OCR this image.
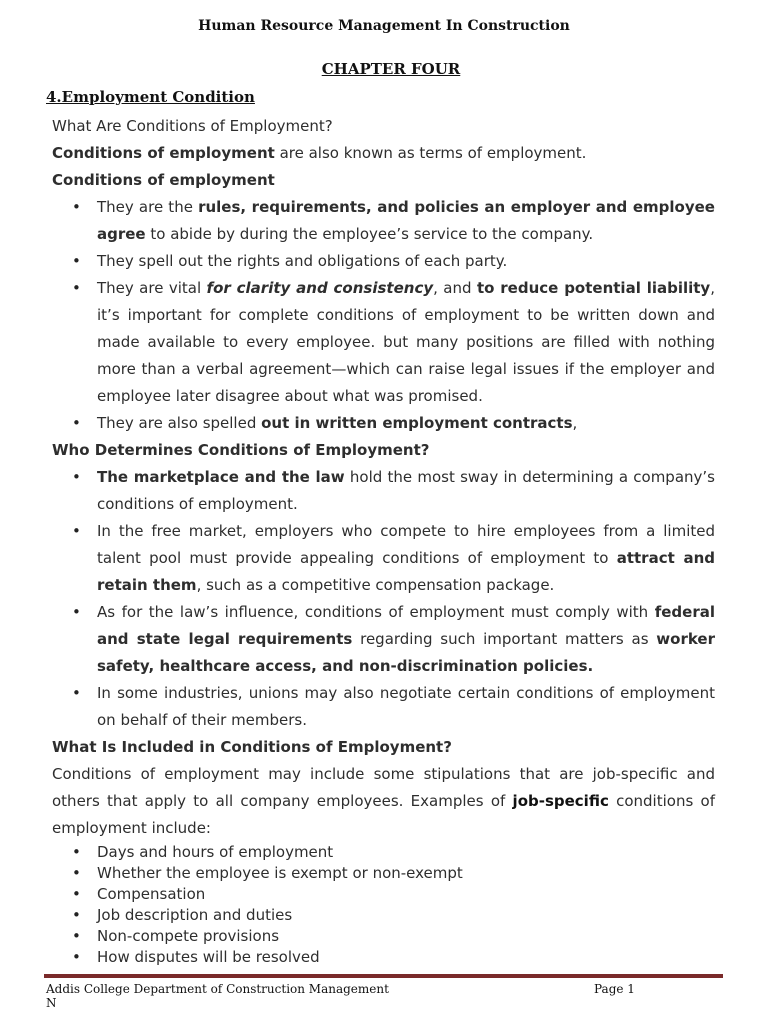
Human Resource Management In Construction
CHAPTER FOUR
4.Employment Condition

What Are Conditions of Employment?

Conditions of employment are also known as terms of employment.

Conditions of employment

• They are the rules, requirements, and policies an employer and employee agree to abide by during the employee’s service to the company.
• They spell out the rights and obligations of each party.
• They are vital for clarity and consistency, and to reduce potential liability, it’s important for complete conditions of employment to be written down and made available to every employee. but many positions are filled with nothing more than a verbal agreement—which can raise legal issues if the employer and employee later disagree about what was promised.
• They are also spelled out in written employment contracts,

Who Determines Conditions of Employment?

• The marketplace and the law hold the most sway in determining a company’s conditions of employment.
• In the free market, employers who compete to hire employees from a limited talent pool must provide appealing conditions of employment to attract and retain them, such as a competitive compensation package.
• As for the law’s influence, conditions of employment must comply with federal and state legal requirements regarding such important matters as worker safety, healthcare access, and non-discrimination policies.
• In some industries, unions may also negotiate certain conditions of employment on behalf of their members.

What Is Included in Conditions of Employment?

Conditions of employment may include some stipulations that are job-specific and others that apply to all company employees. Examples of job-specific conditions of employment include:

• Days and hours of employment
• Whether the employee is exempt or non-exempt
• Compensation
• Job description and duties
• Non-compete provisions
• How disputes will be resolved
Addis College Department of Construction Management
N
Page 1
